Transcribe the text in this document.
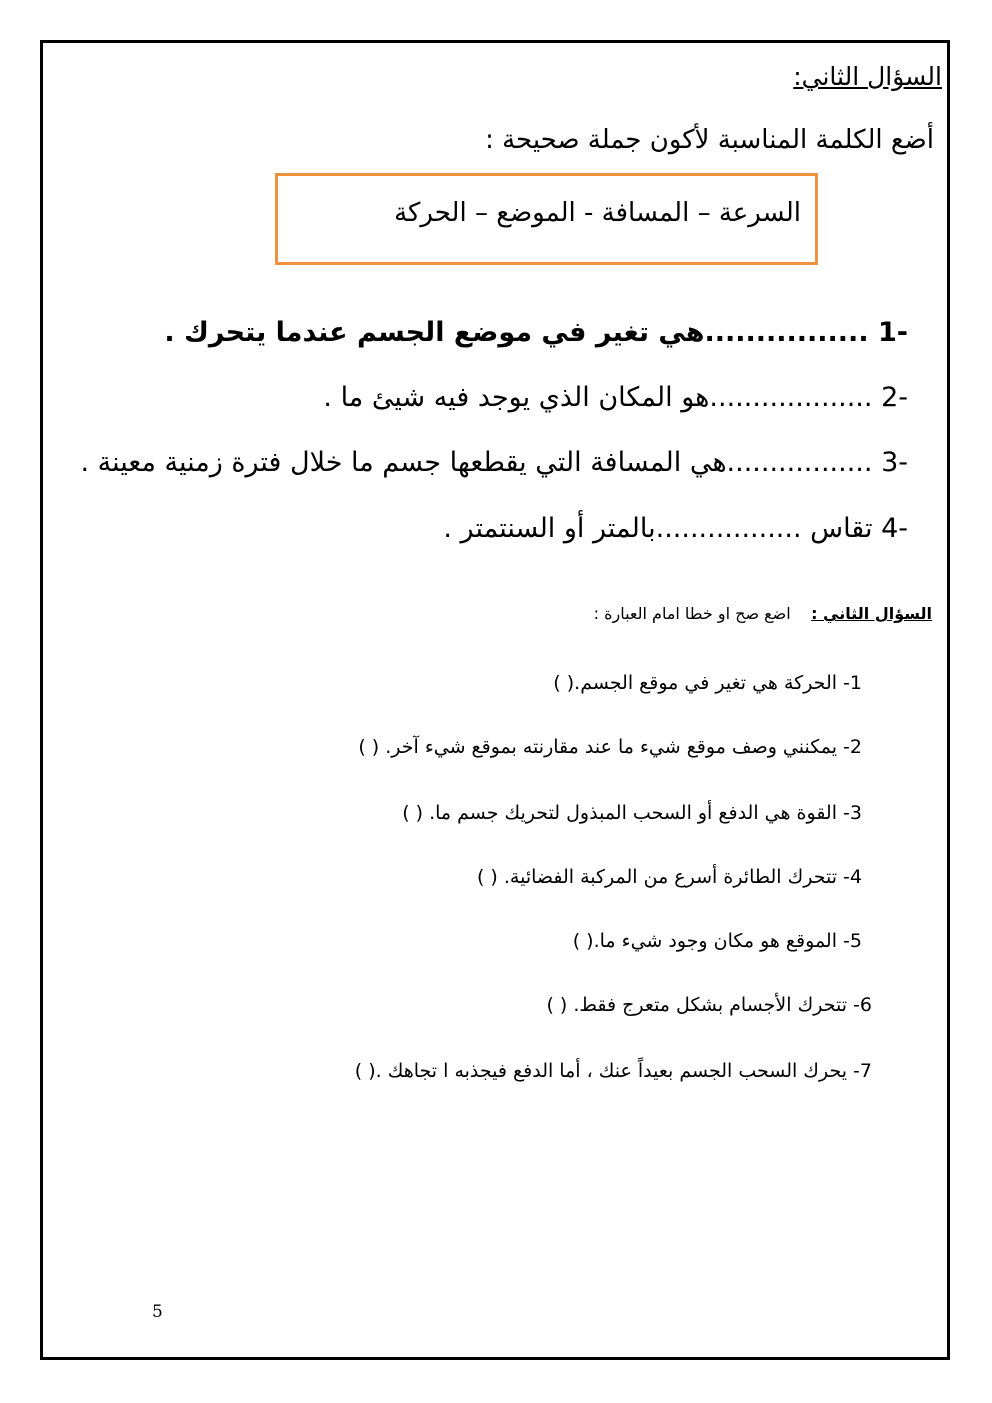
السؤال الثاني:
أضع الكلمة المناسبة لأكون جملة صحيحة :
السرعة – المسافة - الموضع – الحركة
-1 ................هي تغير في موضع الجسم عندما يتحرك .
-2 ...................هو المكان الذي يوجد فيه شيئ ما .
-3 .................هي المسافة التي يقطعها جسم ما خلال فترة زمنية معينة .
-4 تقاس .................بالمتر أو السنتمتر .
السؤال الثاني :    اضع صح او خطا امام العبارة :
1- الحركة هي تغير في موقع الجسم.( )
2- يمكنني وصف موقع شيء ما عند مقارنته بموقع شيء آخر. ( )
3- القوة هي الدفع أو السحب المبذول لتحريك جسم ما. ( )
4- تتحرك الطائرة أسرع من المركبة الفضائية. ( )
5- الموقع هو مكان وجود شيء ما.( )
6- تتحرك الأجسام بشكل متعرج فقط. ( )
7- يحرك السحب الجسم بعيداً عنك ، أما الدفع فيجذبه ا تجاهك .( )
5
